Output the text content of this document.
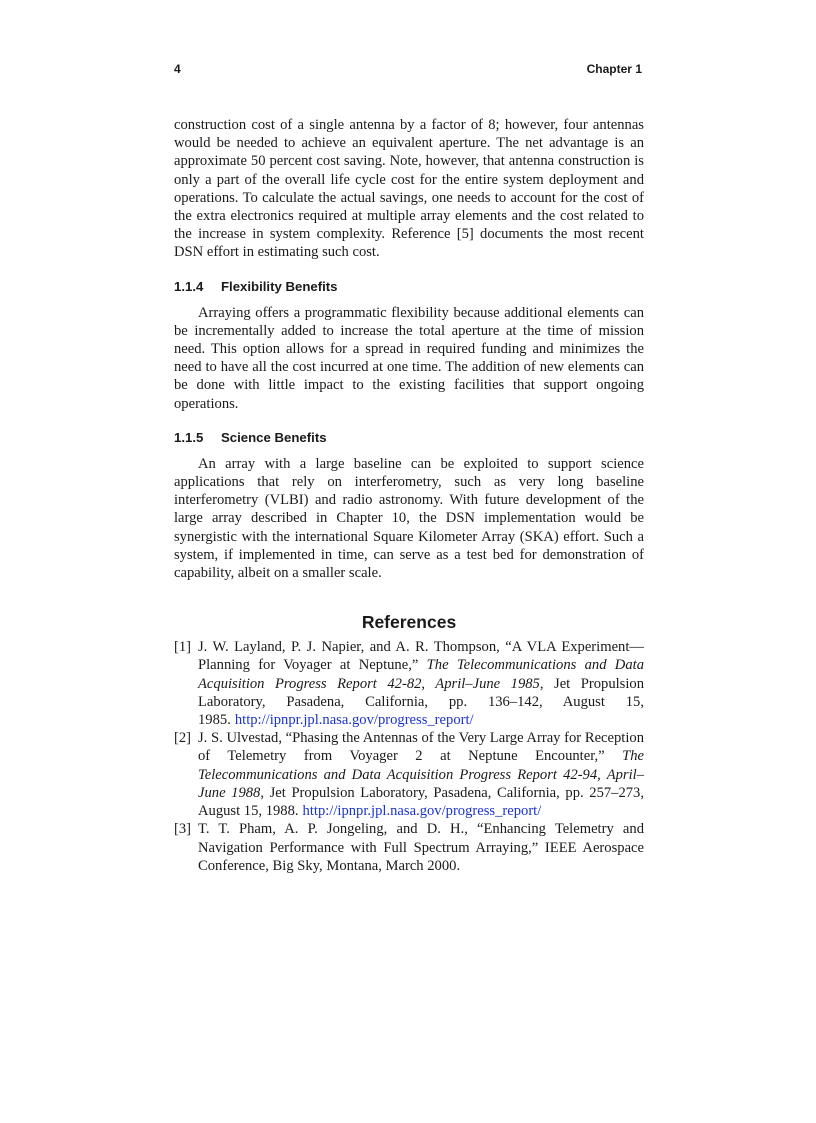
4	Chapter 1

construction cost of a single antenna by a factor of 8; however, four antennas would be needed to achieve an equivalent aperture. The net advantage is an approximate 50 percent cost saving. Note, however, that antenna construction is only a part of the overall life cycle cost for the entire system deployment and operations. To calculate the actual savings, one needs to account for the cost of the extra electronics required at multiple array elements and the cost related to the increase in system complexity. Reference [5] documents the most recent DSN effort in estimating such cost.

1.1.4 Flexibility Benefits

Arraying offers a programmatic flexibility because additional elements can be incrementally added to increase the total aperture at the time of mission need. This option allows for a spread in required funding and minimizes the need to have all the cost incurred at one time. The addition of new elements can be done with little impact to the existing facilities that support ongoing operations.

1.1.5 Science Benefits

An array with a large baseline can be exploited to support science applications that rely on interferometry, such as very long baseline interferometry (VLBI) and radio astronomy. With future development of the large array described in Chapter 10, the DSN implementation would be synergistic with the international Square Kilometer Array (SKA) effort. Such a system, if implemented in time, can serve as a test bed for demonstration of capability, albeit on a smaller scale.

References
[1] J. W. Layland, P. J. Napier, and A. R. Thompson, “A VLA Experiment—Planning for Voyager at Neptune,” The Telecommunications and Data Acquisition Progress Report 42-82, April–June 1985, Jet Propulsion Laboratory, Pasadena, California, pp. 136–142, August 15, 1985. http://ipnpr.jpl.nasa.gov/progress_report/
[2] J. S. Ulvestad, “Phasing the Antennas of the Very Large Array for Reception of Telemetry from Voyager 2 at Neptune Encounter,” The Telecommunications and Data Acquisition Progress Report 42-94, April–June 1988, Jet Propulsion Laboratory, Pasadena, California, pp. 257–273, August 15, 1988. http://ipnpr.jpl.nasa.gov/progress_report/
[3] T. T. Pham, A. P. Jongeling, and D. H., “Enhancing Telemetry and Navigation Performance with Full Spectrum Arraying,” IEEE Aerospace Conference, Big Sky, Montana, March 2000.
